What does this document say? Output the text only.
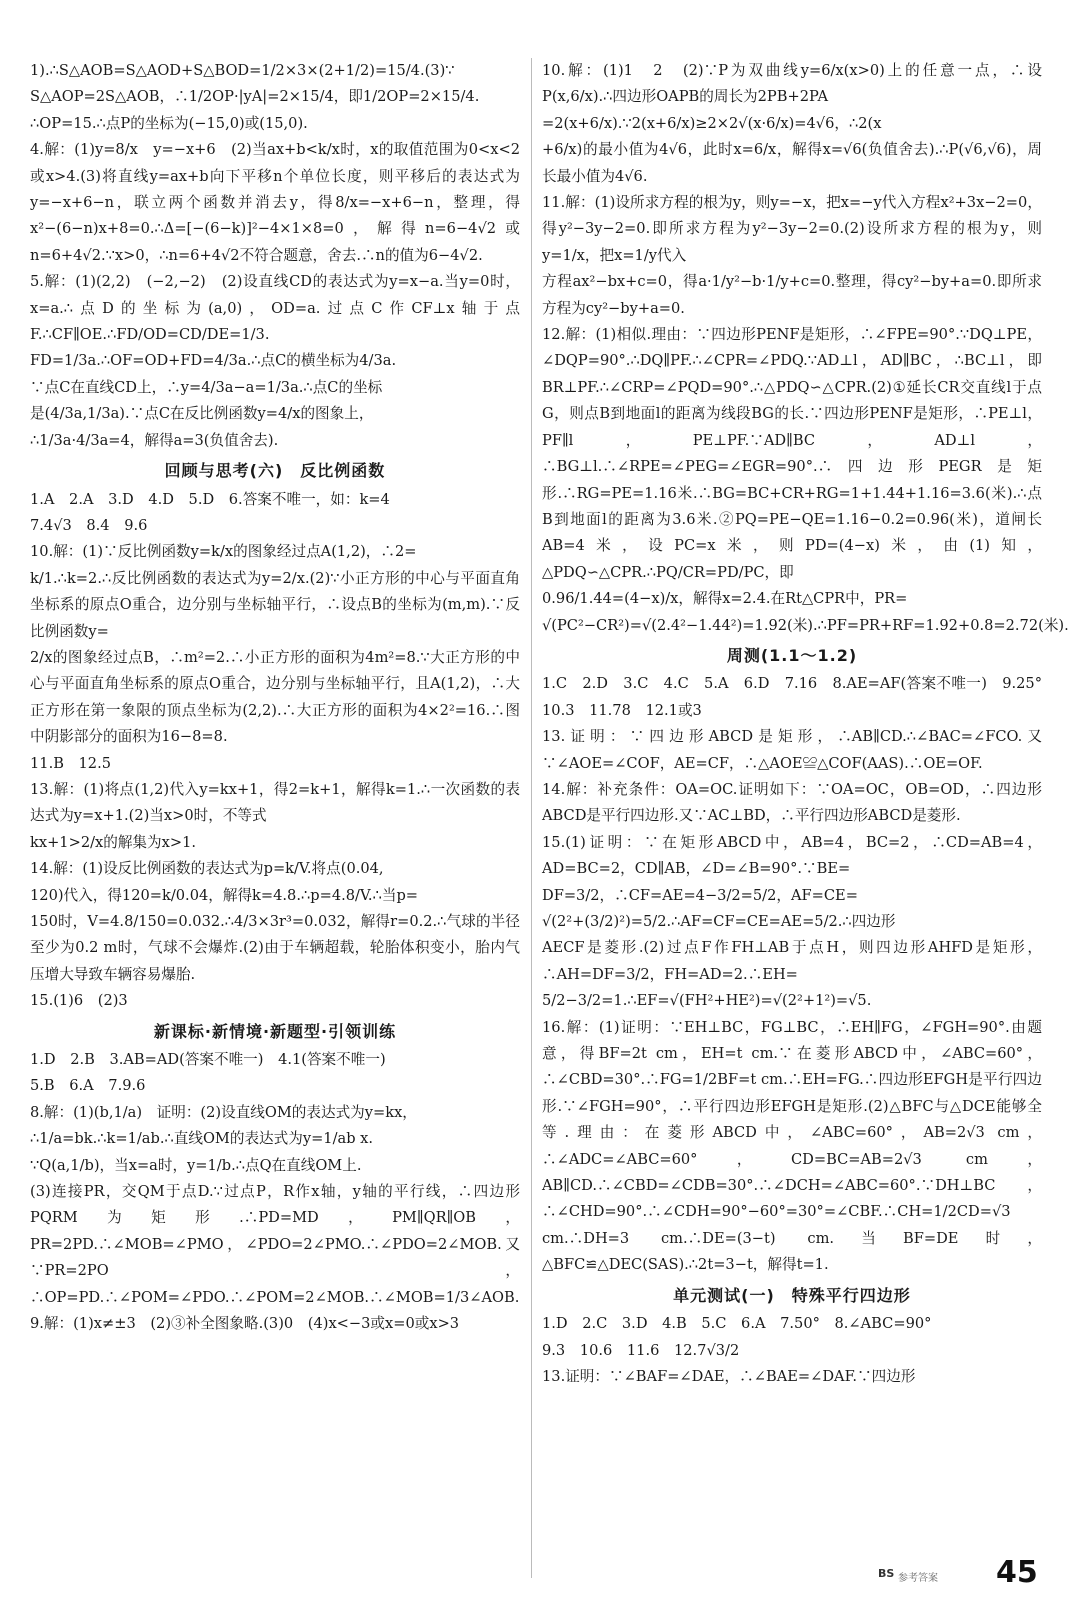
1).∴S△AOB=S△AOD+S△BOD=1/2×3×(2+1/2)=15/4.(3)∵

S△AOP=2S△AOB，∴1/2OP·|yA|=2×15/4，即1/2OP=2×15/4.

∴OP=15.∴点P的坐标为(−15,0)或(15,0).

4.解：(1)y=8/x　y=−x+6　(2)当ax+b<k/x时，x的取值范围为0<x<2或x>4.(3)将直线y=ax+b向下平移n个单位长度，则平移后的表达式为y=−x+6−n，联立两个函数并消去y，得8/x=−x+6−n，整理，得x²−(6−n)x+8=0.∴Δ=[−(6−k)]²−4×1×8=0，解得n=6−4√2或n=6+4√2.∵x>0，∴n=6+4√2不符合题意，舍去.∴n的值为6−4√2.

5.解：(1)(2,2)　(−2,−2)　(2)设直线CD的表达式为y=x−a.当y=0时，x=a.∴点D的坐标为(a,0)，OD=a.过点C作CF⊥x轴于点F.∴CF∥OE.∴FD/OD=CD/DE=1/3.

FD=1/3a.∴OF=OD+FD=4/3a.∴点C的横坐标为4/3a.

∵点C在直线CD上，∴y=4/3a−a=1/3a.∴点C的坐标

是(4/3a,1/3a).∵点C在反比例函数y=4/x的图象上，

∴1/3a·4/3a=4，解得a=3(负值舍去).

回顾与思考(六)　反比例函数

1.A　2.A　3.D　4.D　5.D　6.答案不唯一，如：k=4

7.4√3　8.4　9.6

10.解：(1)∵反比例函数y=k/x的图象经过点A(1,2)，∴2=

k/1.∴k=2.∴反比例函数的表达式为y=2/x.(2)∵小正方形的中心与平面直角坐标系的原点O重合，边分别与坐标轴平行，∴设点B的坐标为(m,m).∵反比例函数y=

2/x的图象经过点B，∴m²=2.∴小正方形的面积为4m²=8.∵大正方形的中心与平面直角坐标系的原点O重合，边分别与坐标轴平行，且A(1,2)，∴大正方形在第一象限的顶点坐标为(2,2).∴大正方形的面积为4×2²=16.∴图中阴影部分的面积为16−8=8.

11.B　12.5

13.解：(1)将点(1,2)代入y=kx+1，得2=k+1，解得k=1.∴一次函数的表达式为y=x+1.(2)当x>0时，不等式

kx+1>2/x的解集为x>1.

14.解：(1)设反比例函数的表达式为p=k/V.将点(0.04,

120)代入，得120=k/0.04，解得k=4.8.∴p=4.8/V.∴当p=

150时，V=4.8/150=0.032.∴4/3×3r³=0.032，解得r=0.2.∴气球的半径至少为0.2 m时，气球不会爆炸.(2)由于车辆超载，轮胎体积变小，胎内气压增大导致车辆容易爆胎.

15.(1)6　(2)3

新课标·新情境·新题型·引领训练

1.D　2.B　3.AB=AD(答案不唯一)　4.1(答案不唯一)

5.B　6.A　7.9.6

8.解：(1)(b,1/a)　证明：(2)设直线OM的表达式为y=kx，

∴1/a=bk.∴k=1/ab.∴直线OM的表达式为y=1/ab x.

∵Q(a,1/b)，当x=a时，y=1/b.∴点Q在直线OM上.

(3)连接PR，交QM于点D.∵过点P，R作x轴，y轴的平行线，∴四边形PQRM为矩形.∴PD=MD，PM∥QR∥OB，PR=2PD.∴∠MOB=∠PMO，∠PDO=2∠PMO.∴∠PDO=2∠MOB.又∵PR=2PO，∴OP=PD.∴∠POM=∠PDO.∴∠POM=2∠MOB.∴∠MOB=1/3∠AOB.

9.解：(1)x≠±3　(2)③补全图象略.(3)0　(4)x<−3或x=0或x>3

10.解：(1)1　2　(2)∵P为双曲线y=6/x(x>0)上的任意一点，∴设P(x,6/x).∴四边形OAPB的周长为2PB+2PA

=2(x+6/x).∵2(x+6/x)≥2×2√(x·6/x)=4√6，∴2(x

+6/x)的最小值为4√6，此时x=6/x，解得x=√6(负值舍去).∴P(√6,√6)，周长最小值为4√6.

11.解：(1)设所求方程的根为y，则y=−x，把x=−y代入方程x²+3x−2=0，得y²−3y−2=0.即所求方程为y²−3y−2=0.(2)设所求方程的根为y，则y=1/x，把x=1/y代入

方程ax²−bx+c=0，得a·1/y²−b·1/y+c=0.整理，得cy²−by+a=0.即所求方程为cy²−by+a=0.

12.解：(1)相似.理由：∵四边形PENF是矩形，∴∠FPE=90°.∵DQ⊥PE，∠DQP=90°.∴DQ∥PF.∴∠CPR=∠PDQ.∵AD⊥l，AD∥BC，∴BC⊥l，即BR⊥PF.∴∠CRP=∠PQD=90°.∴△PDQ∽△CPR.(2)①延长CR交直线l于点G，则点B到地面l的距离为线段BG的长.∵四边形PENF是矩形，∴PE⊥l，PF∥l，PE⊥PF.∵AD∥BC，AD⊥l，∴BG⊥l.∴∠RPE=∠PEG=∠EGR=90°.∴四边形PEGR是矩形.∴RG=PE=1.16米.∴BG=BC+CR+RG=1+1.44+1.16=3.6(米).∴点B到地面l的距离为3.6米.②PQ=PE−QE=1.16−0.2=0.96(米)，道闸长AB=4米，设PC=x米，则PD=(4−x)米，由(1)知，△PDQ∽△CPR.∴PQ/CR=PD/PC，即

0.96/1.44=(4−x)/x，解得x=2.4.在Rt△CPR中，PR=

√(PC²−CR²)=√(2.4²−1.44²)=1.92(米).∴PF=PR+RF=1.92+0.8=2.72(米).

周测(1.1～1.2)

1.C　2.D　3.C　4.C　5.A　6.D　7.16　8.AE=AF(答案不唯一)　9.25°　10.3　11.78　12.1或3

13.证明：∵四边形ABCD是矩形，∴AB∥CD.∴∠BAC=∠FCO.又∵∠AOE=∠COF，AE=CF，∴△AOE≌△COF(AAS).∴OE=OF.

14.解：补充条件：OA=OC.证明如下：∵OA=OC，OB=OD，∴四边形ABCD是平行四边形.又∵AC⊥BD，∴平行四边形ABCD是菱形.

15.(1)证明：∵在矩形ABCD中，AB=4，BC=2，∴CD=AB=4，AD=BC=2，CD∥AB，∠D=∠B=90°.∵BE=

DF=3/2，∴CF=AE=4−3/2=5/2，AF=CE=

√(2²+(3/2)²)=5/2.∴AF=CF=CE=AE=5/2.∴四边形

AECF是菱形.(2)过点F作FH⊥AB于点H，则四边形AHFD是矩形，∴AH=DF=3/2，FH=AD=2.∴EH=

5/2−3/2=1.∴EF=√(FH²+HE²)=√(2²+1²)=√5.

16.解：(1)证明：∵EH⊥BC，FG⊥BC，∴EH∥FG，∠FGH=90°.由题意，得BF=2t cm，EH=t cm.∵在菱形ABCD中，∠ABC=60°，∴∠CBD=30°.∴FG=1/2BF=t cm.∴EH=FG.∴四边形EFGH是平行四边形.∵∠FGH=90°，∴平行四边形EFGH是矩形.(2)△BFC与△DCE能够全等.理由：在菱形ABCD中，∠ABC=60°，AB=2√3 cm，∴∠ADC=∠ABC=60°，CD=BC=AB=2√3 cm，AB∥CD.∴∠CBD=∠CDB=30°.∴∠DCH=∠ABC=60°.∵DH⊥BC，∴∠CHD=90°.∴∠CDH=90°−60°=30°=∠CBF.∴CH=1/2CD=√3 cm.∴DH=3 cm.∴DE=(3−t) cm.当BF=DE时，△BFC≌△DEC(SAS).∴2t=3−t，解得t=1.

单元测试(一)　特殊平行四边形

1.D　2.C　3.D　4.B　5.C　6.A　7.50°　8.∠ABC=90°

9.3　10.6　11.6　12.7√3/2

13.证明：∵∠BAF=∠DAE，∴∠BAE=∠DAF.∵四边形

BS 参考答案 45
